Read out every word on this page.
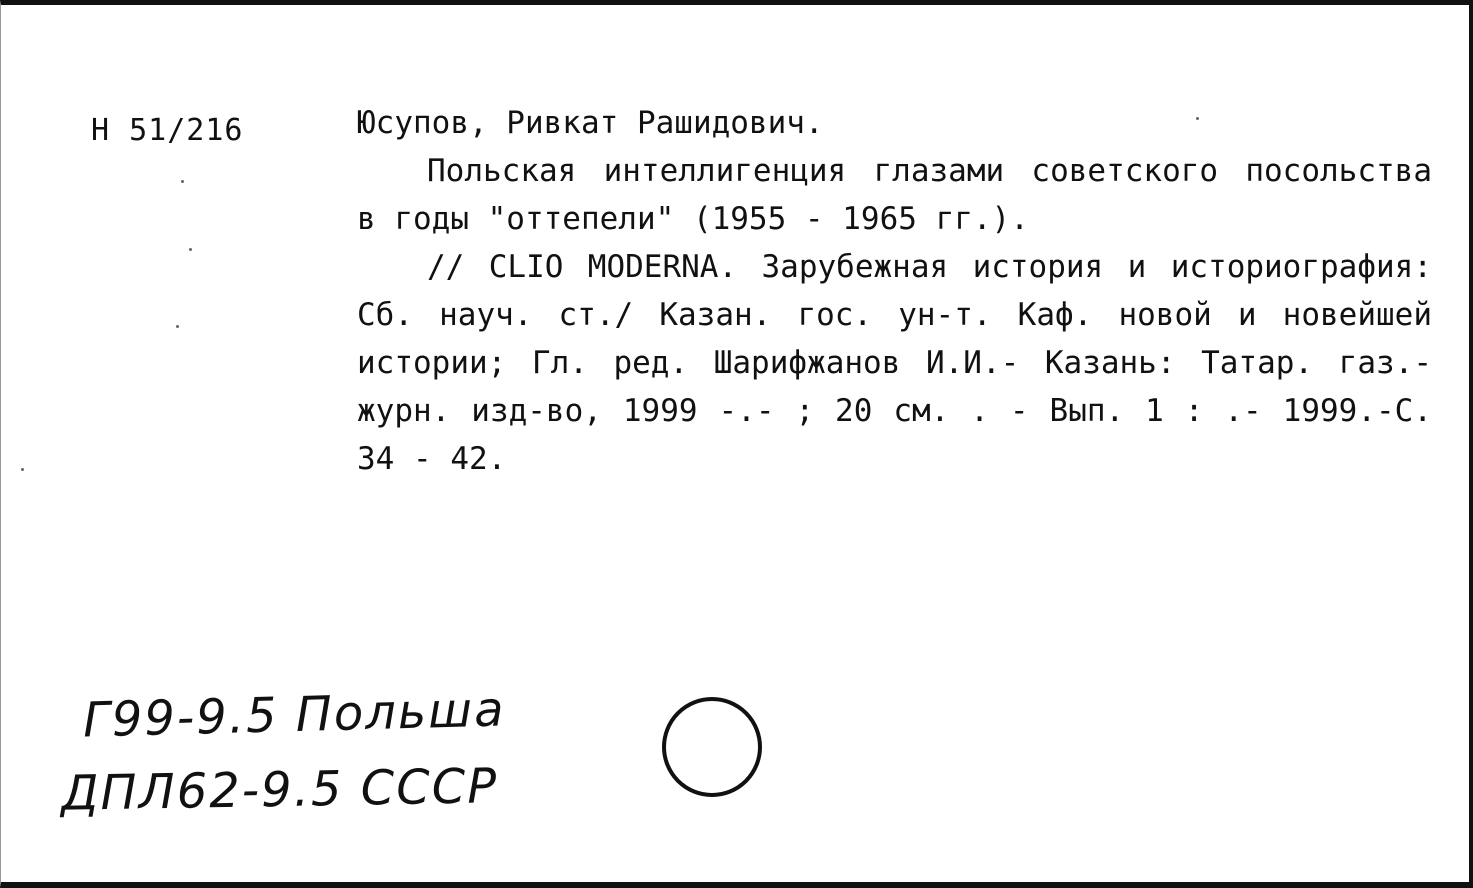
Н 51/216	Юсупов, Ривкат Рашидович.

Польская интеллигенция глазами советского посольства в годы "оттепели" (1955 - 1965 гг.).

// CLIO MODERNA. Зарубежная история и историография: Сб. науч. ст./ Казан. гос. ун-т. Каф. новой и новейшей истории; Гл. ред. Шарифжанов И.И.- Казань: Татар. газ.- журн. изд-во, 1999 -.- ; 20 см. . - Вып. 1 : .- 1999.-С. 34 - 42.

Г99-9.5 Польша
ДПЛ62-9.5 СССР
